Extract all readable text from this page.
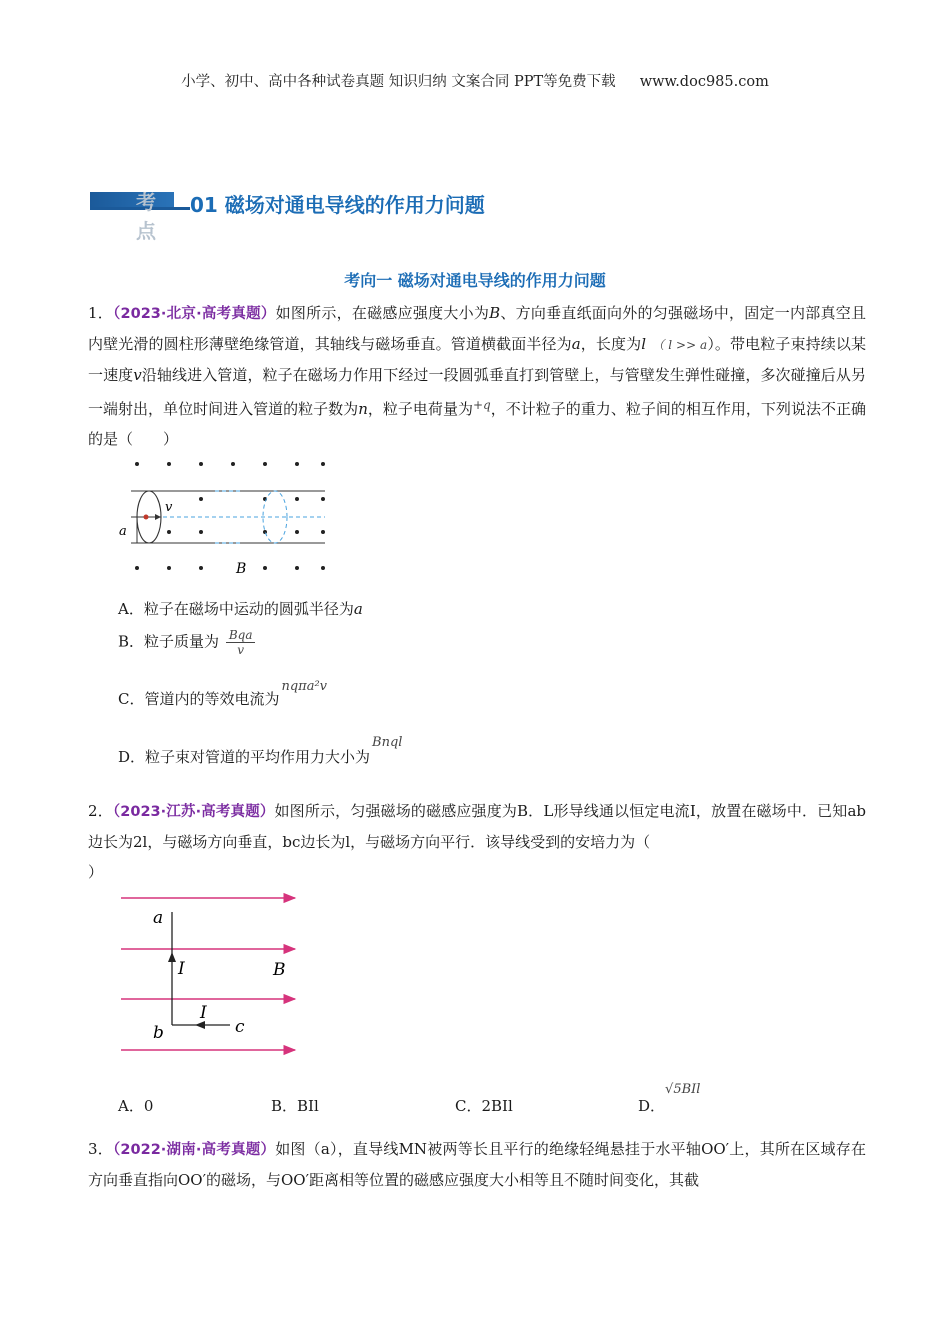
小学、初中、高中各种试卷真题 知识归纳 文案合同 PPT等免费下载 www.doc985.com
考点
01 磁场对通电导线的作用力问题
考向一 磁场对通电导线的作用力问题
1．（2023·北京·高考真题）如图所示，在磁感应强度大小为B、方向垂直纸面向外的匀强磁场中，固定一内部真空且内壁光滑的圆柱形薄壁绝缘管道，其轴线与磁场垂直。管道横截面半径为a，长度为l （ l >> a）。带电粒子束持续以某一速度v沿轴线进入管道，粒子在磁场力作用下经过一段圆弧垂直打到管壁上，与管壁发生弹性碰撞，多次碰撞后从另一端射出，单位时间进入管道的粒子数为n，粒子电荷量为$^{+q}$，不计粒子的重力、粒子间的相互作用，下列说法不正确的是（　　）
v
a
B
A．粒子在磁场中运动的圆弧半径为a
B．粒子质量为 $\frac{\text{Bqa}}{v}$
C．管道内的等效电流为nqπa²v
D．粒子束对管道的平均作用力大小为Bnql
2．（2023·江苏·高考真题）如图所示，匀强磁场的磁感应强度为B．L形导线通以恒定电流I，放置在磁场中．已知ab边长为2l，与磁场方向垂直，bc边长为l，与磁场方向平行．该导线受到的安培力为（
）
a
b	c
I
I
B
A．0	B．BIl	C．2BIl	D．√5BIl
3．（2022·湖南·高考真题）如图（a），直导线MN被两等长且平行的绝缘轻绳悬挂于水平轴OO′上，其所在区域存在方向垂直指向OO′的磁场，与OO′距离相等位置的磁感应强度大小相等且不随时间变化，其截
